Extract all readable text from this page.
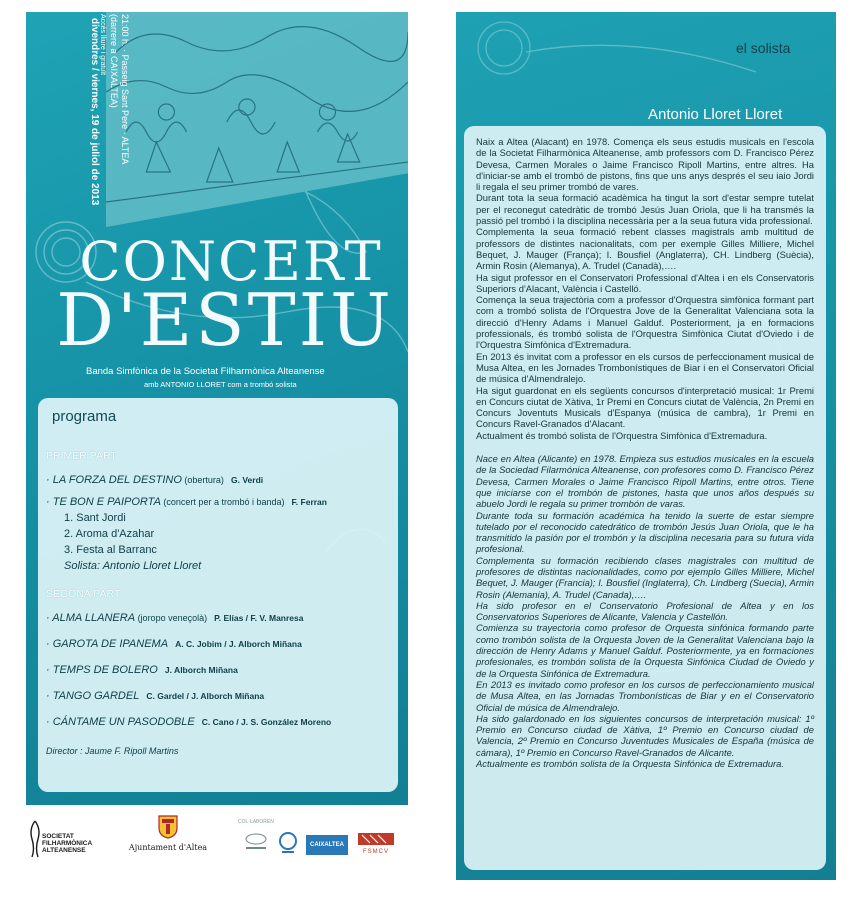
divendres / viernes, 19 de juliol de 2013
CONCERT
D'ESTIU
Banda Simfònica de la Societat Filharmònica Alteanense
amb ANTONIO LLORET com a trombó solista
programa
PRIMER PART
· LA FORZA DEL DESTINO (obertura) G. Verdi
· TE BON E PAIPORTA (concert per a trombó i banda) F. Ferran
1. Sant Jordi
2. Aroma d'Azahar
3. Festa al Barranc
Solista: Antonio Lloret Lloret
SEGONA PART
· ALMA LLANERA (joropo veneçolà) P. Elías / F. V. Manresa
· GAROTA DE IPANEMA A. C. Jobim / J. Alborch Miñana
· TEMPS DE BOLERO J. Alborch Miñana
· TANGO GARDEL C. Gardel / J. Alborch Miñana
· CÁNTAME UN PASODOBLE C. Cano / J. S. González Moreno
Director : Jaume F. Ripoll Martins
SOCIETAT FILHARMÒNICA ALTEANENSE	Ajuntament d'Altea
COL·LABOREN
CAIXALTEA
FSMCV
el solista
Antonio Lloret Lloret

Naix a Altea (Alacant) en 1978. Comença els seus estudis musicals en l'escola de la Societat Filharmònica Alteanense, amb professors com D. Francisco Pérez Devesa, Carmen Morales o Jaime Francisco Ripoll Martins, entre altres. Ha d'iniciar-se amb el trombó de pistons, fins que uns anys després el seu iaio Jordi li regala el seu primer trombó de vares.

Durant tota la seua formació acadèmica ha tingut la sort d'estar sempre tutelat per el reconegut catedràtic de trombó Jesús Juan Oriola, que li ha transmés la passió pel trombó i la disciplina necessària per a la seua futura vida professional.

Complementa la seua formació rebent classes magistrals amb multitud de professors de distintes nacionalitats, com per exemple Gilles Milliere, Michel Bequet, J. Mauger (França); I. Bousfiel (Anglaterra), CH. Lindberg (Suècia), Armin Rosin (Alemanya), A. Trudel (Canadà),….

Ha sigut professor en el Conservatori Professional d'Altea i en els Conservatoris Superiors d'Alacant, València i Castelló.

Comença la seua trajectòria com a professor d'Orquestra simfònica formant part com a trombó solista de l'Orquestra Jove de la Generalitat Valenciana sota la direcció d'Henry Adams i Manuel Galduf. Posteriorment, ja en formacions professionals, és trombó solista de l'Orquestra Simfònica Ciutat d'Oviedo i de l'Orquestra Simfònica d'Extremadura.

En 2013 és invitat com a professor en els cursos de perfeccionament musical de Musa Altea, en les Jornades Trombonístiques de Biar i en el Conservatori Oficial de música d'Almendralejo.

Ha sigut guardonat en els següents concursos d'interpretació musical: 1r Premi en Concurs ciutat de Xàtiva, 1r Premi en Concurs ciutat de València, 2n Premi en Concurs Joventuts Musicals d'Espanya (música de cambra), 1r Premi en Concurs Ravel-Granados d'Alacant.

Actualment és trombó solista de l'Orquestra Simfònica d'Extremadura.

Nace en Altea (Alicante) en 1978. Empieza sus estudios musicales en la escuela de la Sociedad Filarmónica Alteanense, con profesores como D. Francisco Pérez Devesa, Carmen Morales o Jaime Francisco Ripoll Martins, entre otros. Tiene que iniciarse con el trombón de pistones, hasta que unos años después su abuelo Jordi le regala su primer trombón de varas.

Durante toda su formación académica ha tenido la suerte de estar siempre tutelado por el reconocido catedrático de trombón Jesús Juan Oriola, que le ha transmitido la pasión por el trombón y la disciplina necesaria para su futura vida profesional.

Complementa su formación recibiendo clases magistrales con multitud de profesores de distintas nacionalidades, como por ejemplo Gilles Milliere, Michel Bequet, J. Mauger (Francia); I. Bousfiel (Inglaterra), Ch. Lindberg (Suecia), Armin Rosin (Alemania), A. Trudel (Canada),….

Ha sido profesor en el Conservatorio Profesional de Altea y en los Conservatorios Superiores de Alicante, Valencia y Castellón.

Comienza su trayectoria como profesor de Orquesta sinfónica formando parte como trombón solista de la Orquesta Joven de la Generalitat Valenciana bajo la dirección de Henry Adams y Manuel Galduf. Posteriormente, ya en formaciones profesionales, es trombón solista de la Orquesta Sinfónica Ciudad de Oviedo y de la Orquesta Sinfónica de Extremadura.

En 2013 es invitado como profesor en los cursos de perfeccionamiento musical de Musa Altea, en las Jornadas Trombonísticas de Biar y en el Conservatorio Oficial de música de Almendralejo.

Ha sido galardonado en los siguientes concursos de interpretación musical: 1º Premio en Concurso ciudad de Xàtiva, 1º Premio en Concurso ciudad de Valencia, 2º Premio en Concurso Juventudes Musicales de España (música de cámara), 1º Premio en Concurso Ravel-Granados de Alicante.

Actualmente es trombón solista de la Orquesta Sinfónica de Extremadura.

21:00 h. · Passeig Sant Pere · ALTEA
(darrere a CAIXALTEA)
Accés lliure i gratuït
